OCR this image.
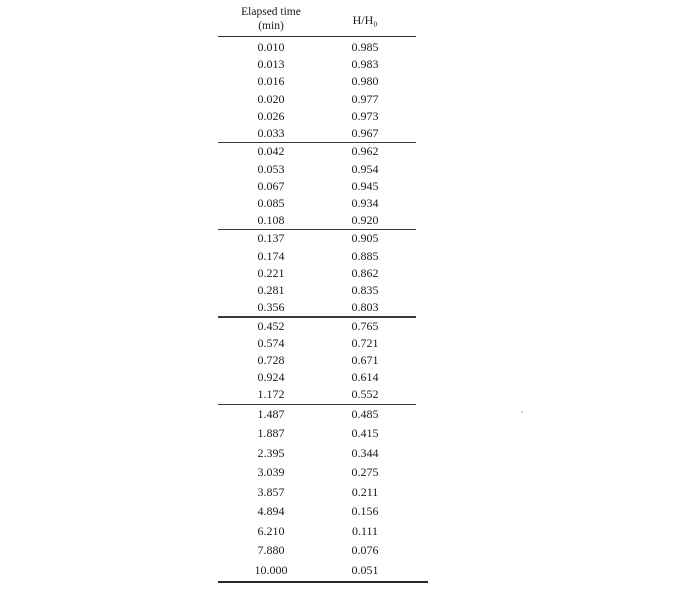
Elapsed time
(min)	H/H₀
0.010	0.985
0.013	0.983
0.016	0.980
0.020	0.977
0.026	0.973
0.033	0.967
0.042	0.962
0.053	0.954
0.067	0.945
0.085	0.934
0.108	0.920
0.137	0.905
0.174	0.885
0.221	0.862
0.281	0.835
0.356	0.803
0.452	0.765
0.574	0.721
0.728	0.671
0.924	0.614
1.172	0.552
1.487	0.485
1.887	0.415
2.395	0.344
3.039	0.275
3.857	0.211
4.894	0.156
6.210	0.111
7.880	0.076
10.000	0.051
